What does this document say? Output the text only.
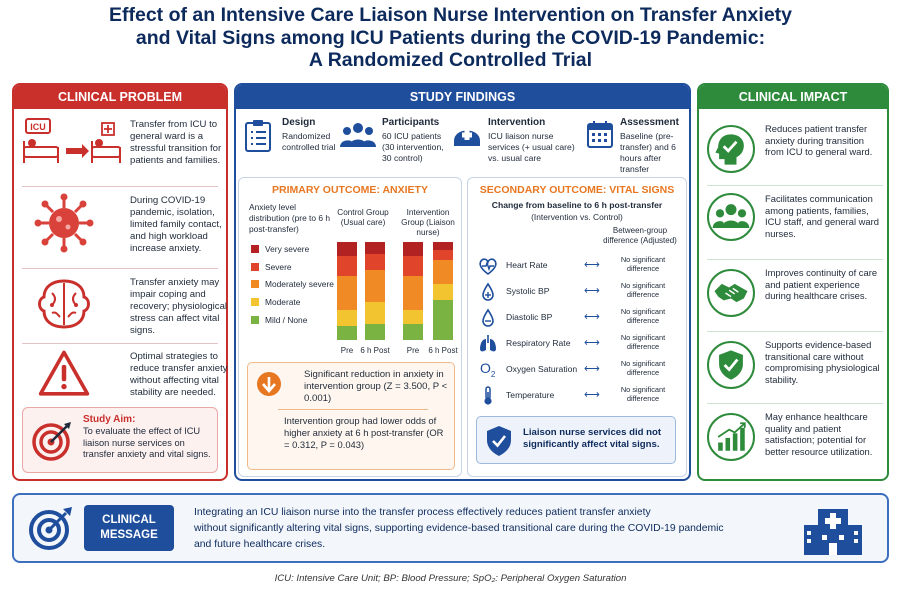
Effect of an Intensive Care Liaison Nurse Intervention on Transfer Anxiety
and Vital Signs among ICU Patients during the COVID-19 Pandemic:
A Randomized Controlled Trial
CLINICAL PROBLEM
ICU	Transfer from ICU to general ward is a stressful transition for patients and families.
During COVID-19 pandemic, isolation, limited family contact, and high workload increase anxiety.
Transfer anxiety may impair coping and recovery; physiological stress can affect vital signs.
Optimal strategies to reduce transfer anxiety without affecting vital stability are needed.
Study Aim:
To evaluate the effect of ICU liaison nurse services on transfer anxiety and vital signs.
STUDY FINDINGS
Design
Randomized controlled trial
Participants
60 ICU patients (30 intervention, 30 control)
Intervention
ICU liaison nurse services (+ usual care) vs. usual care
Assessment
Baseline (pre-transfer) and 6 hours after transfer
PRIMARY OUTCOME: ANXIETY
Anxiety level distribution (pre to 6 h post-transfer)
Very severe
Severe
Moderately severe
Moderate
Mild / None
Control Group (Usual care)
Intervention Group (Liaison nurse)
Pre 6 h Post	Pre	6 h Post
Significant reduction in anxiety in intervention group (Z = 3.500, P < 0.001)
Intervention group had lower odds of higher anxiety at 6 h post-transfer (OR = 0.312, P = 0.043)
SECONDARY OUTCOME: VITAL SIGNS
Change from baseline to 6 h post-transfer
(Intervention vs. Control)
Between-group difference (Adjusted)
Heart Rate	⟷	No significant difference
Systolic BP	⟷	No significant difference
Diastolic BP	⟷	No significant difference
Respiratory Rate ⟷	No significant difference
$O_2$
Oxygen Saturation ⟷	No significant difference
Temperature	⟷	No significant difference
Liaison nurse services did not significantly affect vital signs.
CLINICAL IMPACT
Reduces patient transfer anxiety during transition from ICU to general ward.
Facilitates communication among patients, families, ICU staff, and general ward nurses.
Improves continuity of care and patient experience during healthcare crises.
Supports evidence-based transitional care without compromising physiological stability.
May enhance healthcare quality and patient satisfaction; potential for better resource utilization.
CLINICAL
MESSAGE
Integrating an ICU liaison nurse into the transfer process effectively reduces patient transfer anxiety
without significantly altering vital signs, supporting evidence-based transitional care during the COVID-19 pandemic
and future healthcare crises.
ICU: Intensive Care Unit; BP: Blood Pressure; SpO₂: Peripheral Oxygen Saturation
